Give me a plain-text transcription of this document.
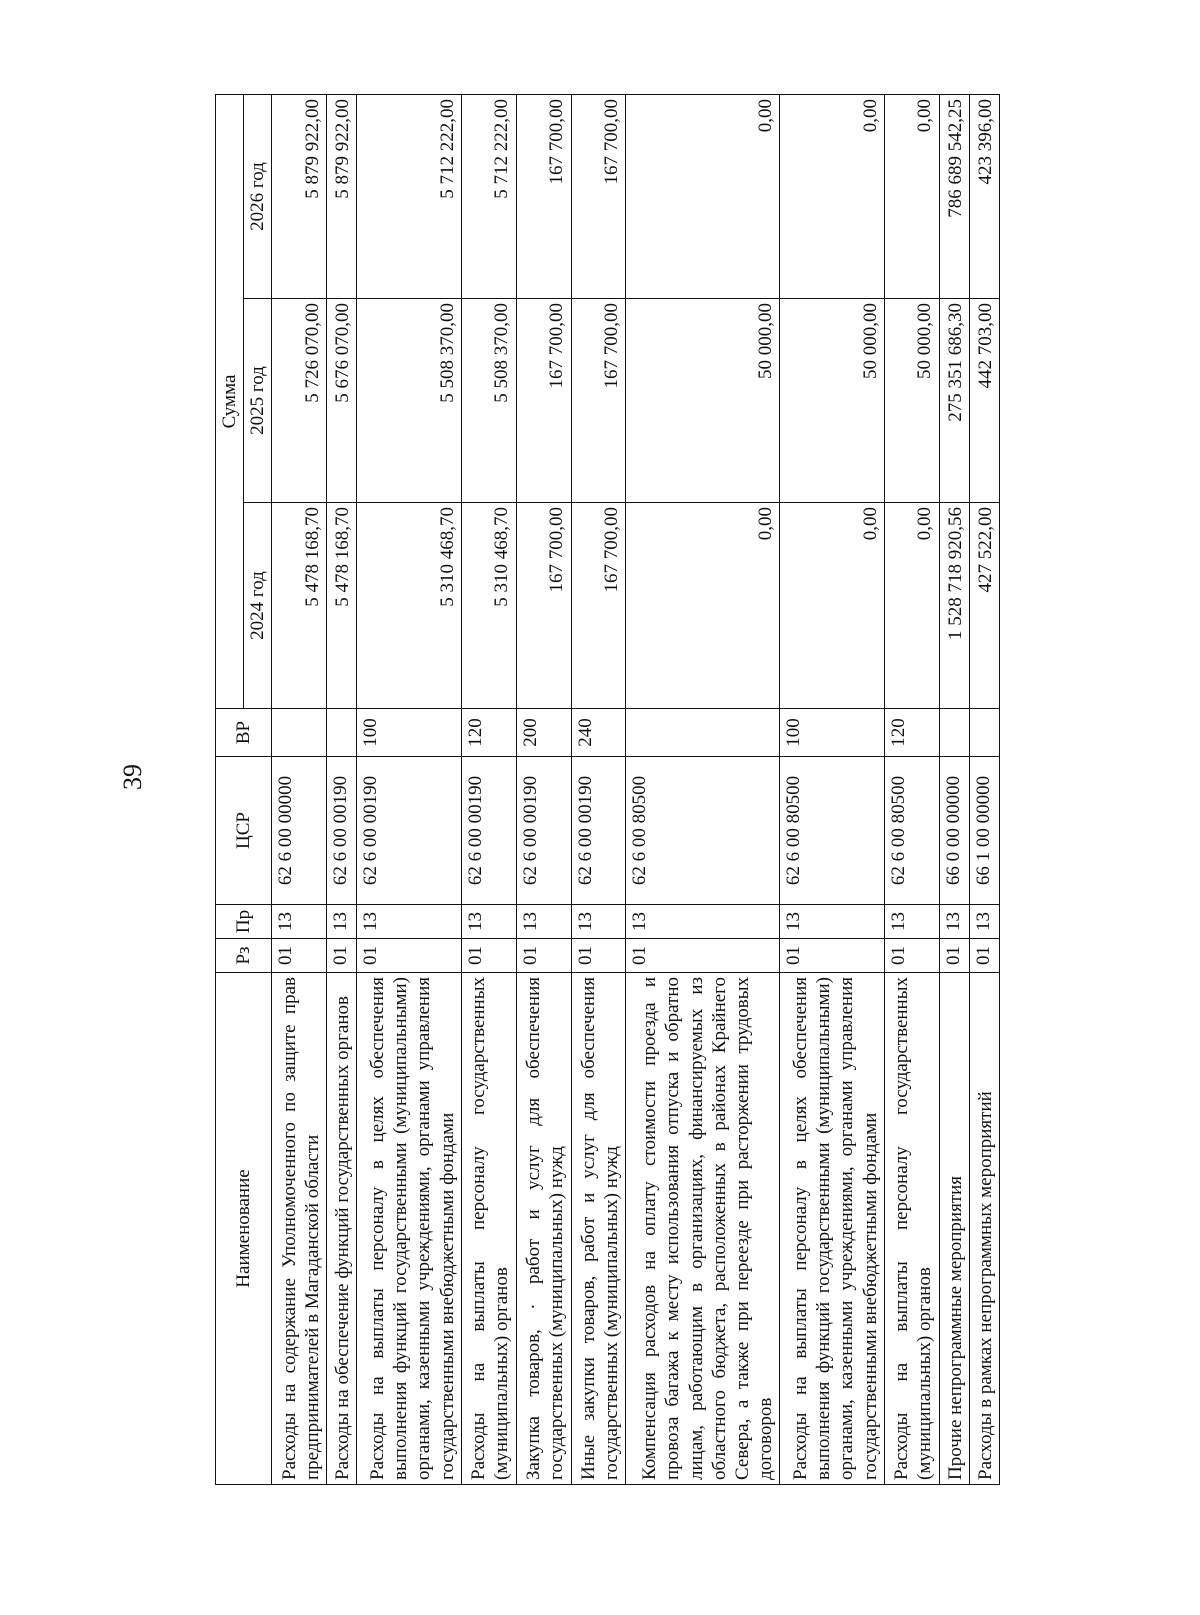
39
Наименование	Рз	Пр	ЦСР	ВР	Сумма		
					2024 год	2025 год	2026 год
Расходы на содержание Уполномоченного по защите прав предпринимателей в Магаданской области	01	13	62 6 00 00000		5 478 168,70	5 726 070,00	5 879 922,00
Расходы на обеспечение функций государственных органов	01	13	62 6 00 00190		5 478 168,70	5 676 070,00	5 879 922,00
Расходы на выплаты персоналу в целях обеспечения выполнения функций государственными (муниципальными) органами, казенными учреждениями, органами управления государственными внебюджетными фондами	01	13	62 6 00 00190	100	5 310 468,70	5 508 370,00	5 712 222,00
Расходы на выплаты персоналу государственных (муниципальных) органов	01	13	62 6 00 00190	120	5 310 468,70	5 508 370,00	5 712 222,00
Закупка товаров, · работ и услуг для обеспечения государственных (муниципальных) нужд	01	13	62 6 00 00190	200	167 700,00	167 700,00	167 700,00
Иные закупки товаров, работ и услуг для обеспечения государственных (муниципальных) нужд	01	13	62 6 00 00190	240	167 700,00	167 700,00	167 700,00
Компенсация расходов на оплату стоимости проезда и провоза багажа к месту использования отпуска и обратно лицам, работающим в организациях, финансируемых из областного бюджета, расположенных в районах Крайнего Севера, а также при переезде при расторжении трудовых договоров	01	13	62 6 00 80500		0,00	50 000,00	0,00
Расходы на выплаты персоналу в целях обеспечения выполнения функций государственными (муниципальными) органами, казенными учреждениями, органами управления государственными внебюджетными фондами	01	13	62 6 00 80500	100	0,00	50 000,00	0,00
Расходы на выплаты персоналу государственных (муниципальных) органов	01	13	62 6 00 80500	120	0,00	50 000,00	0,00
Прочие непрограммные мероприятия	01	13	66 0 00 00000		1 528 718 920,56	275 351 686,30	786 689 542,25
Расходы в рамках непрограммных мероприятий	01	13	66 1 00 00000		427 522,00	442 703,00	423 396,00
